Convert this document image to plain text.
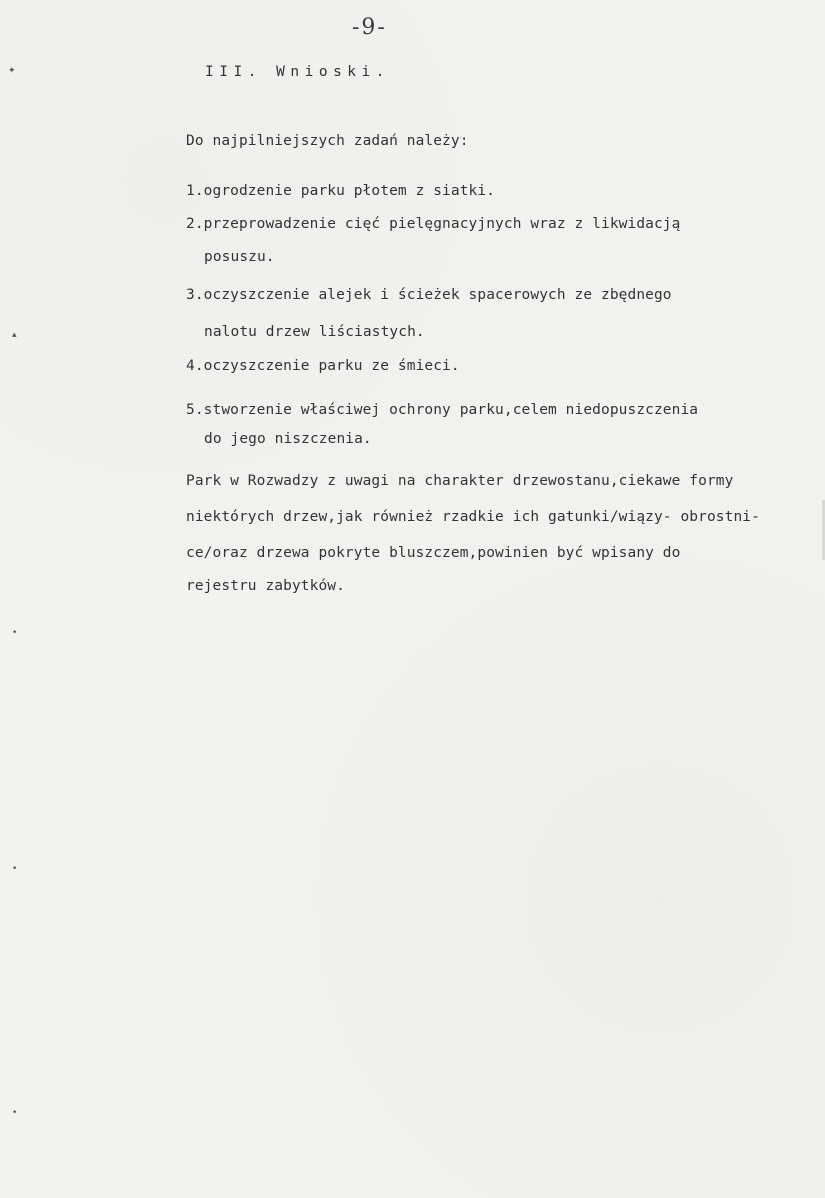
-9-
III. Wnioski.
Do najpilniejszych zadań należy:
1.ogrodzenie parku płotem z siatki.
2.przeprowadzenie cięć pielęgnacyjnych wraz z likwidacją
posuszu.
3.oczyszczenie alejek i ścieżek spacerowych ze zbędnego
nalotu drzew liściastych.
4.oczyszczenie parku ze śmieci.
5.stworzenie właściwej ochrony parku,celem niedopuszczenia
do jego niszczenia.
Park w Rozwadzy z uwagi na charakter drzewostanu,ciekawe formy
niektórych drzew,jak również rzadkie ich gatunki/wiązy- obrostni-
ce/oraz drzewa pokryte bluszczem,powinien być wpisany do
rejestru zabytków.
✦
▴
•
•
•
